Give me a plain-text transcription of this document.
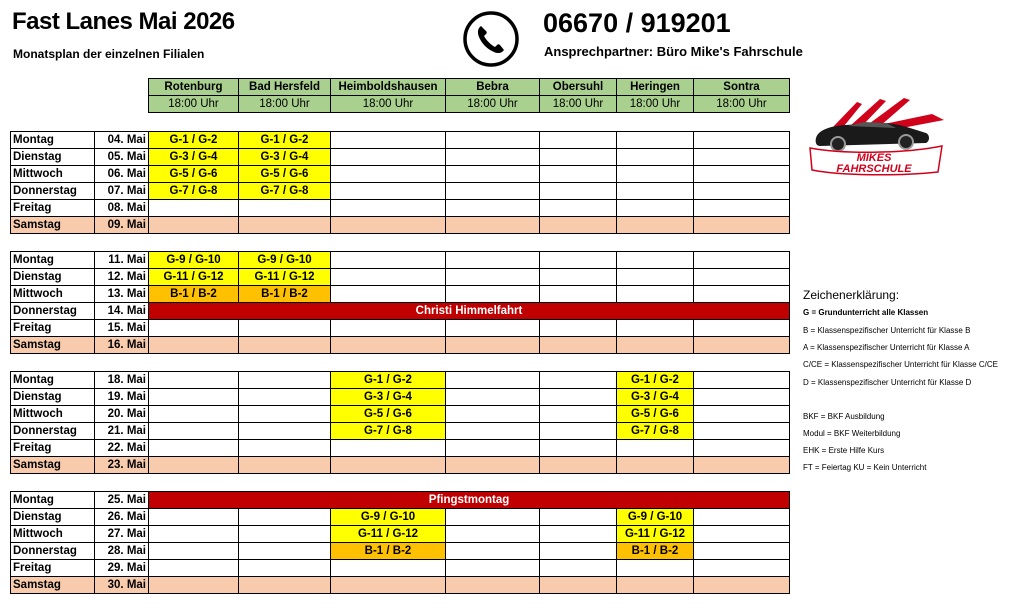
Fast Lanes Mai 2026
Monatsplan der einzelnen Filialen
06670 / 919201
Ansprechpartner: Büro Mike's Fahrschule
MIKES
FAHRSCHULE
Rotenburg	Bad Hersfeld	Heimboldshausen	Bebra	Obersuhl	Heringen	Sontra
18:00 Uhr	18:00 Uhr	18:00 Uhr	18:00 Uhr	18:00 Uhr	18:00 Uhr	18:00 Uhr
Montag	04. Mai	G-1 / G-2	G-1 / G-2					
Dienstag	05. Mai	G-3 / G-4	G-3 / G-4					
Mittwoch	06. Mai	G-5 / G-6	G-5 / G-6					
Donnerstag	07. Mai	G-7 / G-8	G-7 / G-8					
Freitag	08. Mai							
Samstag	09. Mai							
Montag	11. Mai	G-9 / G-10	G-9 / G-10					
Dienstag	12. Mai	G-11 / G-12	G-11 / G-12					
Mittwoch	13. Mai	B-1 / B-2	B-1 / B-2					
Donnerstag	14. Mai	Christi Himmelfahrt						
Freitag	15. Mai							
Samstag	16. Mai							
Montag	18. Mai			G-1 / G-2			G-1 / G-2	
Dienstag	19. Mai			G-3 / G-4			G-3 / G-4	
Mittwoch	20. Mai			G-5 / G-6			G-5 / G-6	
Donnerstag	21. Mai			G-7 / G-8			G-7 / G-8	
Freitag	22. Mai							
Samstag	23. Mai							
Montag	25. Mai	Pfingstmontag						
Dienstag	26. Mai			G-9 / G-10			G-9 / G-10	
Mittwoch	27. Mai			G-11 / G-12			G-11 / G-12	
Donnerstag	28. Mai			B-1 / B-2			B-1 / B-2	
Freitag	29. Mai							
Samstag	30. Mai							
Zeichenerklärung:
G = Grundunterricht alle Klassen
B = Klassenspezifischer Unterricht für Klasse B
A = Klassenspezifischer Unterricht für Klasse A
C/CE = Klassenspezifischer Unterricht für Klasse C/CE
D = Klassenspezifischer Unterricht für Klasse D
BKF = BKF Ausbildung
Modul = BKF Weiterbildung
EHK = Erste Hilfe Kurs
FT = Feiertag KU = Kein Unterricht
